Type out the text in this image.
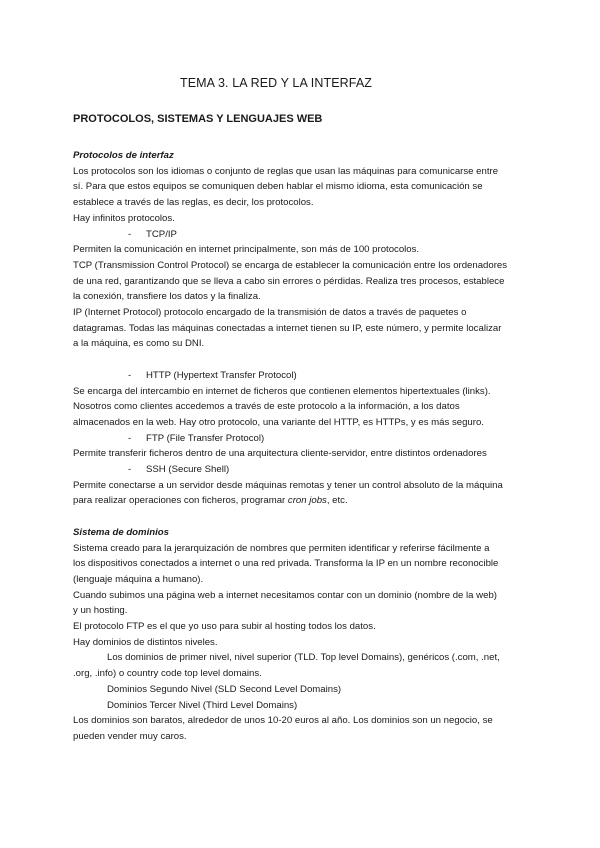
TEMA 3. LA RED Y LA INTERFAZ
PROTOCOLOS, SISTEMAS Y LENGUAJES WEB
Protocolos de interfaz
Los protocolos son los idiomas o conjunto de reglas que usan las máquinas para comunicarse entre
sí. Para que estos equipos se comuniquen deben hablar el mismo idioma, esta comunicación se
establece a través de las reglas, es decir, los protocolos.
Hay infinitos protocolos.
- TCP/IP
Permiten la comunicación en internet principalmente, son más de 100 protocolos.
TCP (Transmission Control Protocol) se encarga de establecer la comunicación entre los ordenadores
de una red, garantizando que se lleva a cabo sin errores o pérdidas. Realiza tres procesos, establece
la conexión, transfiere los datos y la finaliza.
IP (Internet Protocol) protocolo encargado de la transmisión de datos a través de paquetes o
datagramas. Todas las máquinas conectadas a internet tienen su IP, este número, y permite localizar
a la máquina, es como su DNI.
- HTTP (Hypertext Transfer Protocol)
Se encarga del intercambio en internet de ficheros que contienen elementos hipertextuales (links).
Nosotros como clientes accedemos a través de este protocolo a la información, a los datos
almacenados en la web. Hay otro protocolo, una variante del HTTP, es HTTPs, y es más seguro.
- FTP (File Transfer Protocol)
Permite transferir ficheros dentro de una arquitectura cliente-servidor, entre distintos ordenadores
- SSH (Secure Shell)
Permite conectarse a un servidor desde máquinas remotas y tener un control absoluto de la máquina
para realizar operaciones con ficheros, programar cron jobs, etc.
Sistema de dominios
Sistema creado para la jerarquización de nombres que permiten identificar y referirse fácilmente a
los dispositivos conectados a internet o una red privada. Transforma la IP en un nombre reconocible
(lenguaje máquina a humano).
Cuando subimos una página web a internet necesitamos contar con un dominio (nombre de la web)
y un hosting.
El protocolo FTP es el que yo uso para subir al hosting todos los datos.
Hay dominios de distintos niveles.
Los dominios de primer nivel, nivel superior (TLD. Top level Domains), genéricos (.com, .net,
.org, .info) o country code top level domains.
Dominios Segundo Nivel (SLD Second Level Domains)
Dominios Tercer Nivel (Third Level Domains)
Los dominios son baratos, alrededor de unos 10-20 euros al año. Los dominios son un negocio, se
pueden vender muy caros.
